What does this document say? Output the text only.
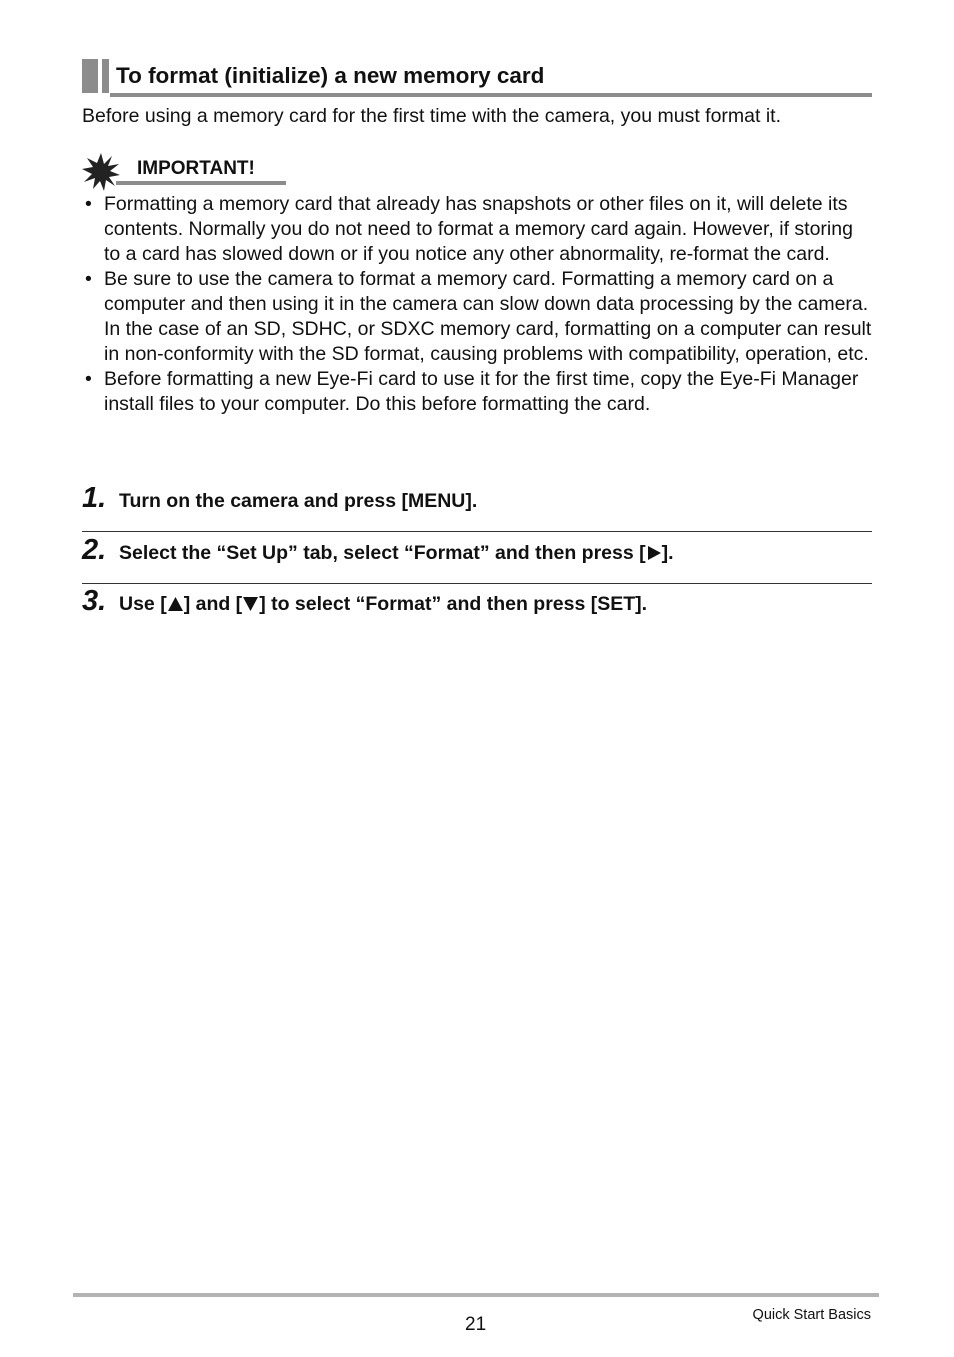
To format (initialize) a new memory card
Before using a memory card for the first time with the camera, you must format it.
IMPORTANT!
• Formatting a memory card that already has snapshots or other files on it, will delete its contents. Normally you do not need to format a memory card again. However, if storing to a card has slowed down or if you notice any other abnormality, re-format the card.
• Be sure to use the camera to format a memory card. Formatting a memory card on a computer and then using it in the camera can slow down data processing by the camera. In the case of an SD, SDHC, or SDXC memory card, formatting on a computer can result in non-conformity with the SD format, causing problems with compatibility, operation, etc.
• Before formatting a new Eye-Fi card to use it for the first time, copy the Eye-Fi Manager install files to your computer. Do this before formatting the card.
1. Turn on the camera and press [MENU].
2. Select the “Set Up” tab, select “Format” and then press [ ].
3. Use [ ] and [ ] to select “Format” and then press [SET].
21	Quick Start Basics
